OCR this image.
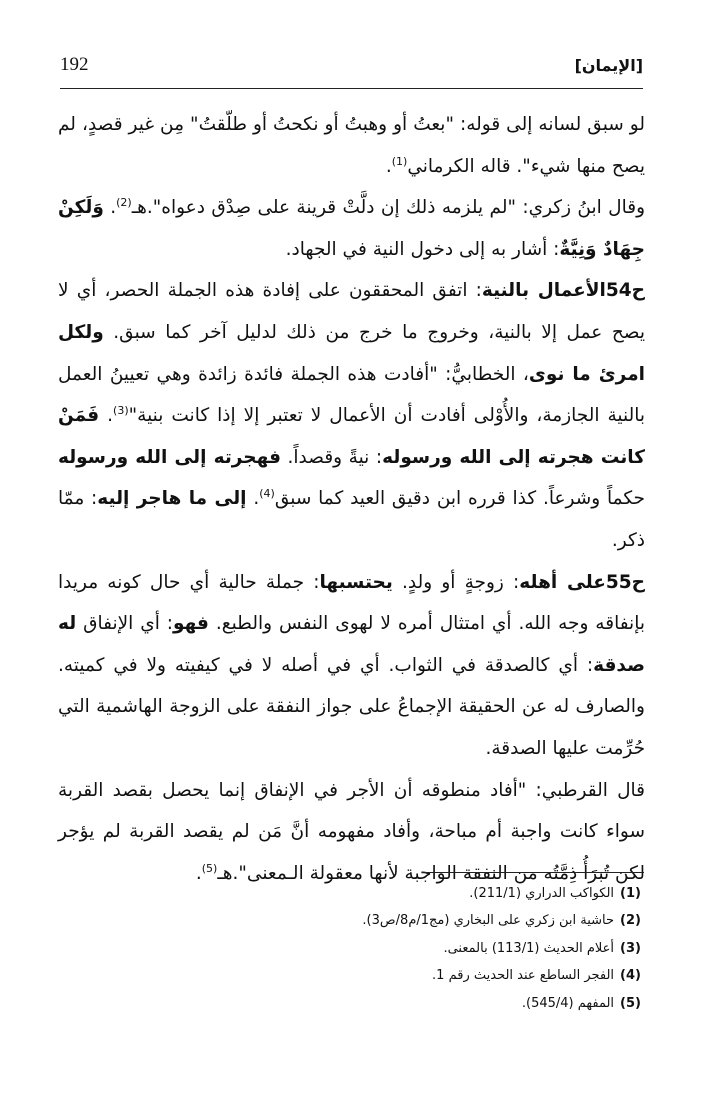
192	[الإيمان]

لو سبق لسانه إلى قوله: "بعتُ أو وهبتُ أو نكحتُ أو طلّقتُ" مِن غير قصدٍ، لم يصح منها شيء". قاله الكرماني$^{(1)}$.

وقال ابنُ زكري: "لم يلزمه ذلك إن دلَّتْ قرينة على صِدْق دعواه".هـ$^{(2)}$. وَلَكِنْ جِهَادٌ وَنِيَّةٌ: أشار به إلى دخول النية في الجهاد.

ح54الأعمال بالنية: اتفق المحققون على إفادة هذه الجملة الحصر، أي لا يصح عمل إلا بالنية، وخروج ما خرج من ذلك لدليل آخر كما سبق. ولكل امرئ ما نوى، الخطابيُّ: "أفادت هذه الجملة فائدة زائدة وهي تعيينُ العمل بالنية الجازمة، والأُوْلى أفادت أن الأعمال لا تعتبر إلا إذا كانت بنية"$^{(3)}$. فَمَنْ كانت هجرته إلى الله ورسوله: نيةً وقصداً. فهجرته إلى الله ورسوله حكماً وشرعاً. كذا قرره ابن دقيق العيد كما سبق$^{(4)}$. إلى ما هاجر إليه: ممّا ذكر.

ح55على أهله: زوجةٍ أو ولدٍ. يحتسبها: جملة حالية أي حال كونه مريدا بإنفاقه وجه الله. أي امتثال أمره لا لهوى النفس والطبع. فهو: أي الإنفاق له صدقة: أي كالصدقة في الثواب. أي في أصله لا في كيفيته ولا في كميته. والصارف له عن الحقيقة الإجماعُ على جواز النفقة على الزوجة الهاشمية التي حُرِّمت عليها الصدقة.

قال القرطبي: "أفاد منطوقه أن الأجر في الإنفاق إنما يحصل بقصد القربة سواء كانت واجبة أم مباحة، وأفاد مفهومه أنَّ مَن لم يقصد القربة لم يؤجر لكن تُبرَأُ ذِمَّتُه من النفقة الواجبة لأنها معقولة الـمعنى".هـ$^{(5)}$.

(1)الكواكب الدراري (211/1).

(2)حاشية ابن زكري على البخاري (مج1/م8/ص3).

(3)أعلام الحديث (113/1) بالمعنى.

(4)الفجر الساطع عند الحديث رقم 1.

(5)المفهم (545/4).
